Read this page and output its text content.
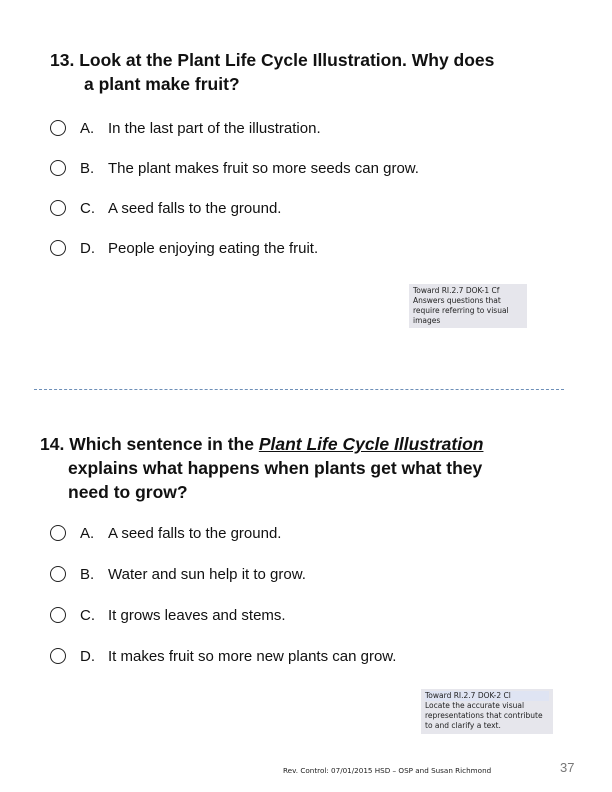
13. Look at the Plant Life Cycle Illustration. Why does
a plant make fruit?
A. In the last part of the illustration.
B. The plant makes fruit so more seeds can grow.
C. A seed falls to the ground.
D. People enjoying eating the fruit.
Toward RI.2.7 DOK-1 Cf
Answers questions that
require referring to visual
images
14. Which sentence in the Plant Life Cycle Illustration
explains what happens when plants get what they
need to grow?
A. A seed falls to the ground.
B. Water and sun help it to grow.
C. It grows leaves and stems.
D. It makes fruit so more new plants can grow.
Toward RI.2.7 DOK-2 Cl
Locate the accurate visual
representations that contribute
to and clarify a text.
Rev. Control: 07/01/2015 HSD – OSP and Susan Richmond	37
